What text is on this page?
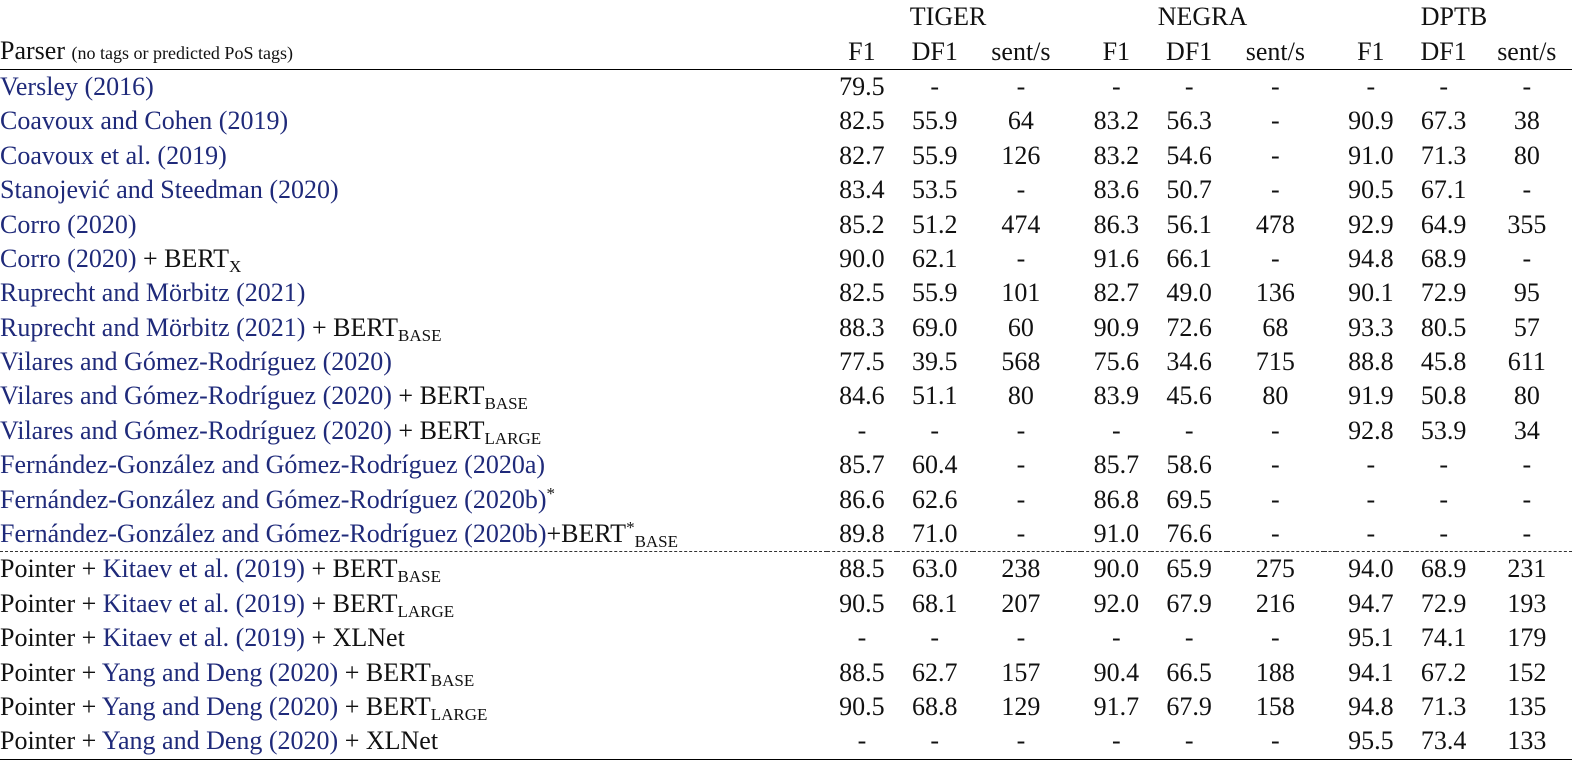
	TIGER				NEGRA				DPTB		
Parser (no tags or predicted PoS tags)	F1	DF1	sent/s		F1	DF1	sent/s		F1	DF1	sent/s
Versley (2016)	79.5	-	-		-	-	-		-	-	-
Coavoux and Cohen (2019)	82.5	55.9	64		83.2	56.3	-		90.9	67.3	38
Coavoux et al. (2019)	82.7	55.9	126		83.2	54.6	-		91.0	71.3	80
Stanojević and Steedman (2020)	83.4	53.5	-		83.6	50.7	-		90.5	67.1	-
Corro (2020)	85.2	51.2	474		86.3	56.1	478		92.9	64.9	355
Corro $(2020) + BERT_X$	90.0	62.1	-		91.6	66.1	-		94.8	68.9	-
Ruprecht and Mörbitz (2021)	82.5	55.9	101		82.7	49.0	136		90.1	72.9	95
Ruprecht and Mörbitz $(2021) + BERT_{BASE}$	88.3	69.0	60		90.9	72.6	68		93.3	80.5	57
Vilares and Gómez-Rodríguez (2020)	77.5	39.5	568		75.6	34.6	715		88.8	45.8	611
Vilares and Gómez-Rodríguez $(2020) + BERT_{BASE}$	84.6	51.1	80		83.9	45.6	80		91.9	50.8	80
Vilares and Gómez-Rodríguez $(2020) + BERT_{LARGE}$	-	-	-		-	-	-		92.8	53.9	34
Fernández-González and Gómez-Rodríguez (2020a)	85.7	60.4	-		85.7	58.6	-		-	-	-
Fernández-González and Gómez-Rodríguez (2020b)*	86.6	62.6	-		86.8	69.5	-		-	-	-
Fernández-González and Gómez-Rodríguez $(2020b)+BERT^*_{BASE}$	89.8	71.0	-		91.0	76.6	-		-	-	-
Pointer + Kitaev et al. $(2019) + BERT_{BASE}$	88.5	63.0	238		90.0	65.9	275		94.0	68.9	231
Pointer + Kitaev et al. $(2019) + BERT_{LARGE}$	90.5	68.1	207		92.0	67.9	216		94.7	72.9	193
Pointer + Kitaev et al. (2019) + XLNet	-	-	-		-	-	-		95.1	74.1	179
Pointer + Yang and Deng $(2020) + BERT_{BASE}$	88.5	62.7	157		90.4	66.5	188		94.1	67.2	152
Pointer + Yang and Deng $(2020) + BERT_{LARGE}$	90.5	68.8	129		91.7	67.9	158		94.8	71.3	135
Pointer + Yang and Deng (2020) + XLNet	-	-	-		-	-	-		95.5	73.4	133
